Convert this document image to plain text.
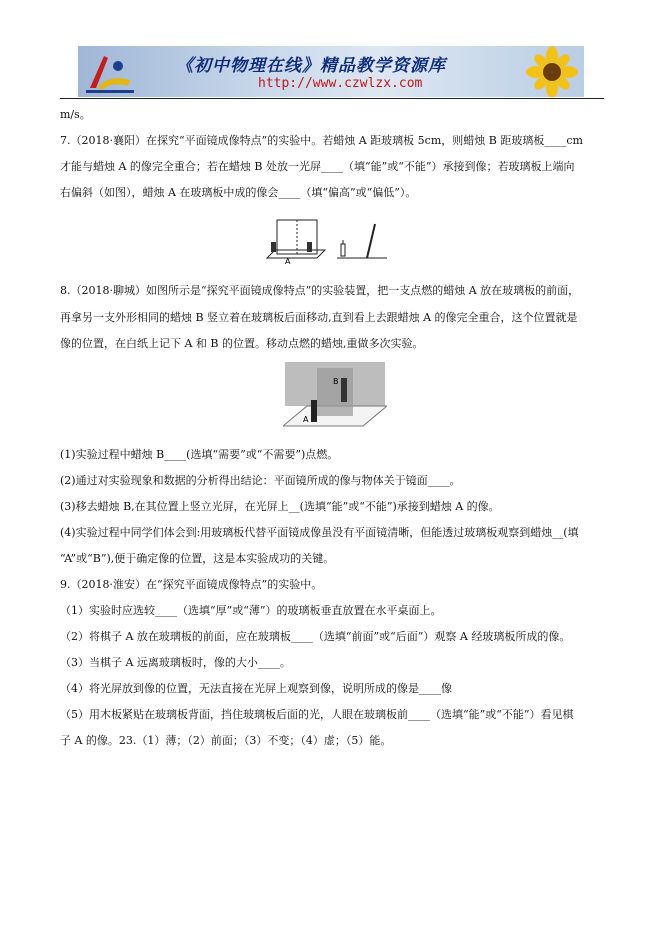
《初中物理在线》精品教学资源库
http://www.czwlzx.com
m/s。
7.（2018·襄阳）在探究“平面镜成像特点”的实验中。若蜡烛 A 距玻璃板 5cm，则蜡烛 B 距玻璃板____cm
才能与蜡烛 A 的像完全重合；若在蜡烛 B 处放一光屏____（填“能”或“不能”）承接到像；若玻璃板上端向
右偏斜（如图），蜡烛 A 在玻璃板中成的像会____（填“偏高”或“偏低”）。
A
8.（2018·聊城）如图所示是“探究平面镜成像特点”的实验装置，把一支点燃的蜡烛 A 放在玻璃板的前面，
再拿另一支外形相同的蜡烛 B 竖立着在玻璃板后面移动,直到看上去跟蜡烛 A 的像完全重合，这个位置就是
像的位置，在白纸上记下 A 和 B 的位置。移动点燃的蜡烛,重做多次实验。
B
A
(1)实验过程中蜡烛 B____(选填“需要”或“不需要”)点燃。
(2)通过对实验现象和数据的分析得出结论：平面镜所成的像与物体关于镜面____。
(3)移去蜡烛 B,在其位置上竖立光屏，在光屏上__(选填“能”或“不能”)承接到蜡烛 A 的像。
(4)实验过程中同学们体会到:用玻璃板代替平面镜成像虽没有平面镜清晰，但能透过玻璃板观察到蜡烛__(填
“A”或“B”),便于确定像的位置，这是本实验成功的关键。
9.（2018·淮安）在“探究平面镜成像特点”的实验中。
（1）实验时应选较____（选填“厚”或“薄”）的玻璃板垂直放置在水平桌面上。
（2）将棋子 A 放在玻璃板的前面，应在玻璃板____（选填“前面”或“后面”）观察 A 经玻璃板所成的像。
（3）当棋子 A 远离玻璃板时，像的大小____。
（4）将光屏放到像的位置，无法直接在光屏上观察到像，说明所成的像是____像
（5）用木板紧贴在玻璃板背面，挡住玻璃板后面的光，人眼在玻璃板前____（选填“能”或“不能”）看见棋
子 A 的像。23.（1）薄；（2）前面；（3）不变；（4）虚；（5）能。
